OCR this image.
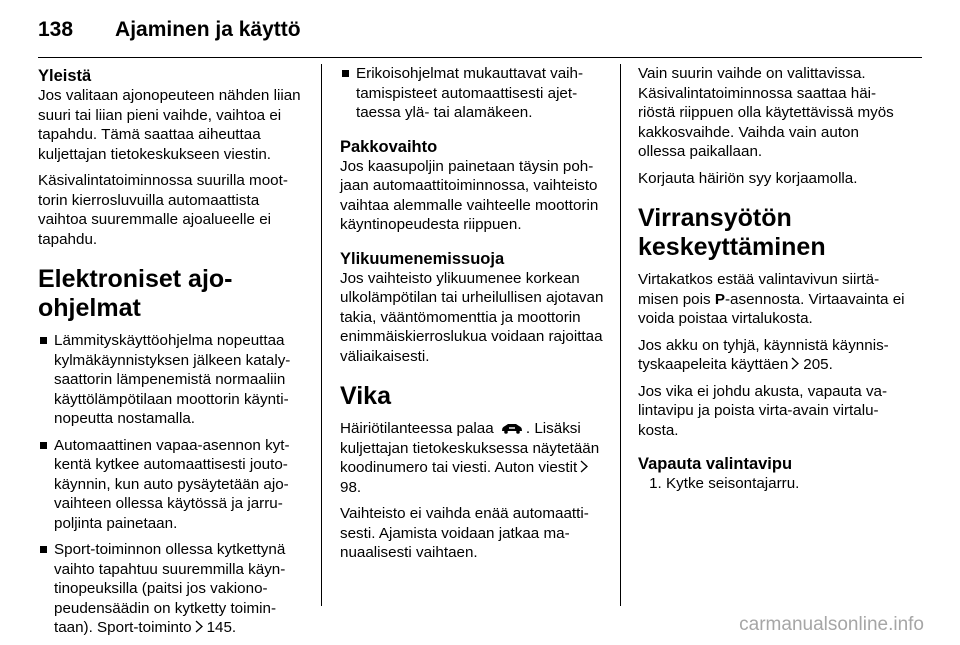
138 Ajaminen ja käyttö
Yleistä

Jos valitaan ajonopeuteen nähden liian suuri tai liian pieni vaihde, vaihtoa ei tapahdu. Tämä saattaa aiheuttaa kuljettajan tietokeskukseen viestin.

Käsivalintatoiminnossa suurilla moottorin kierrosluvuilla automaattista vaihtoa suuremmalle ajoalueelle ei tapahdu.

Elektroniset ajo-ohjelmat
Lämmityskäyttöohjelma nopeuttaa kylmäkäynnistyksen jälkeen katalysaattorin lämpenemistä normaaliin käyttölämpötilaan moottorin käyntinopeutta nostamalla.
Automaattinen vapaa-asennon kytkentä kytkee automaattisesti joutokäynnin, kun auto pysäytetään ajovaihteen ollessa käytössä ja jarrupoljinta painetaan.
Sport-toiminnon ollessa kytkettynä vaihto tapahtuu suuremmilla käyntinopeuksilla (paitsi jos vakionopeudensäädin on kytketty toimintaan). Sport-toiminto 145.
Erikoisohjelmat mukauttavat vaihtamispisteet automaattisesti ajettaessa ylä- tai alamäkeen.
Pakkovaihto

Jos kaasupoljin painetaan täysin pohjaan automaattitoiminnossa, vaihteisto vaihtaa alemmalle vaihteelle moottorin käyntinopeudesta riippuen.

Ylikuumenemissuoja

Jos vaihteisto ylikuumenee korkean ulkolämpötilan tai urheilullisen ajotavan takia, vääntömomenttia ja moottorin enimmäiskierroslukua voidaan rajoittaa väliaikaisesti.

Vika

Häiriötilanteessa palaa . Lisäksi kuljettajan tietokeskuksessa näytetään koodinumero tai viesti. Auton viestit98.

Vaihteisto ei vaihda enää automaattisesti. Ajamista voidaan jatkaa manuaalisesti vaihtaen.

Vain suurin vaihde on valittavissa. Käsivalintatoiminnossa saattaa häiriöstä riippuen olla käytettävissä myös kakkosvaihde. Vaihda vain auton ollessa paikallaan.

Korjauta häiriön syy korjaamolla.

Virransyötön
keskeyttäminen

Virtakatkos estää valintavivun siirtämisen pois P-asennosta. Virtaavainta ei voida poistaa virtalukosta.

Jos akku on tyhjä, käynnistä käynnistyskaapeleita käyttäen 205.

Jos vika ei johdu akusta, vapauta valintavipu ja poista virta-avain virtalukosta.

Vapauta valintavipu
1. Kytke seisontajarru.
carmanualsonline.info
